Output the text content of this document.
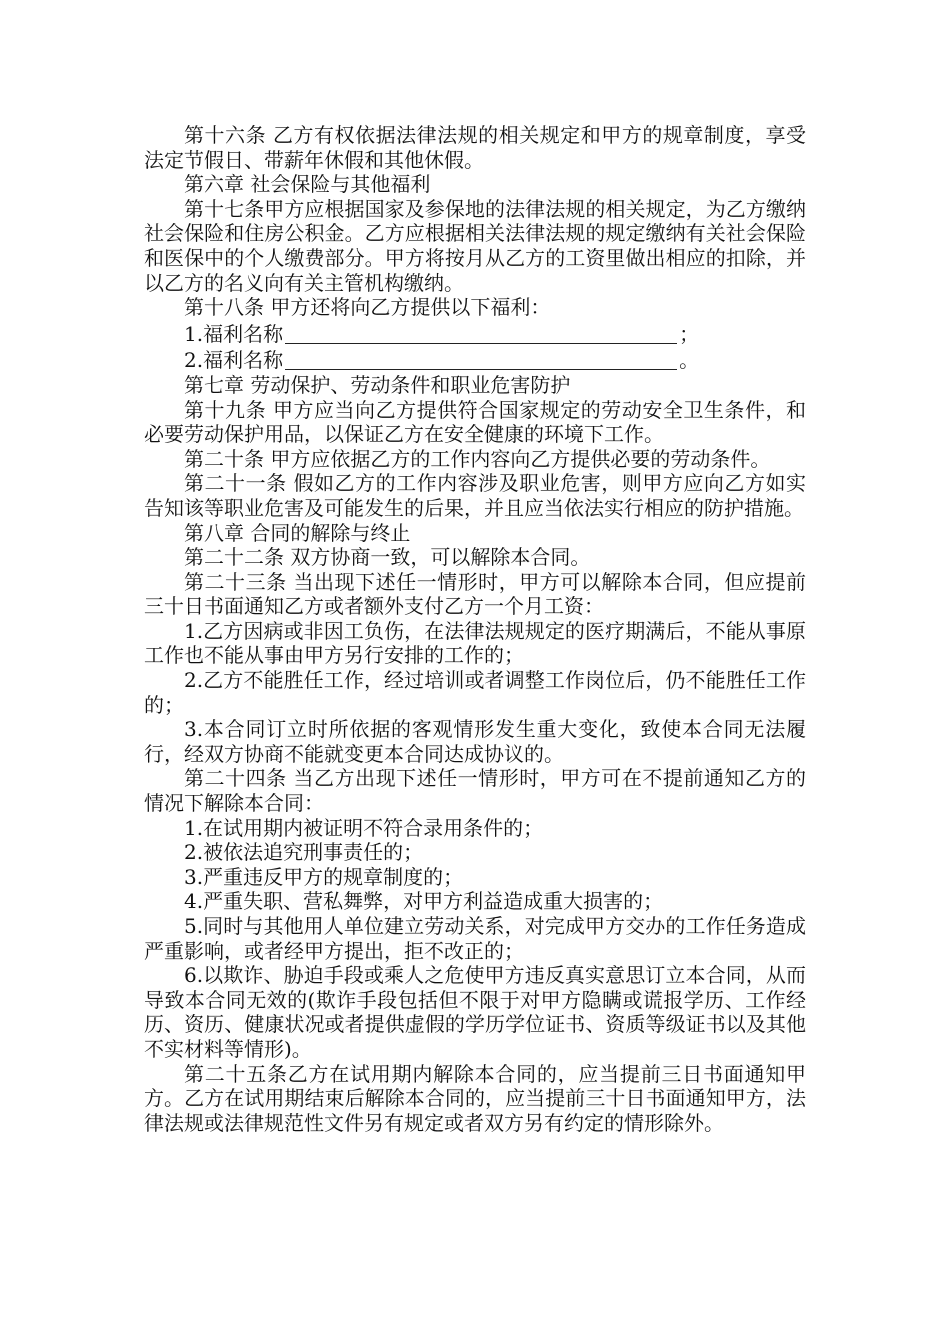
第十六条 乙方有权依据法律法规的相关规定和甲方的规章制度，享受法定节假日、带薪年休假和其他休假。

第六章 社会保险与其他福利

第十七条甲方应根据国家及参保地的法律法规的相关规定，为乙方缴纳社会保险和住房公积金。乙方应根据相关法律法规的规定缴纳有关社会保险和医保中的个人缴费部分。甲方将按月从乙方的工资里做出相应的扣除，并以乙方的名义向有关主管机构缴纳。

第十八条 甲方还将向乙方提供以下福利：

1.福利名称	；

2.福利名称	。

第七章 劳动保护、劳动条件和职业危害防护

第十九条 甲方应当向乙方提供符合国家规定的劳动安全卫生条件，和必要劳动保护用品，以保证乙方在安全健康的环境下工作。

第二十条 甲方应依据乙方的工作内容向乙方提供必要的劳动条件。

第二十一条 假如乙方的工作内容涉及职业危害，则甲方应向乙方如实告知该等职业危害及可能发生的后果，并且应当依法实行相应的防护措施。

第八章 合同的解除与终止

第二十二条 双方协商一致，可以解除本合同。

第二十三条 当出现下述任一情形时，甲方可以解除本合同，但应提前三十日书面通知乙方或者额外支付乙方一个月工资：

1.乙方因病或非因工负伤，在法律法规规定的医疗期满后，不能从事原工作也不能从事由甲方另行安排的工作的；

2.乙方不能胜任工作，经过培训或者调整工作岗位后，仍不能胜任工作的；

3.本合同订立时所依据的客观情形发生重大变化，致使本合同无法履行，经双方协商不能就变更本合同达成协议的。

第二十四条 当乙方出现下述任一情形时，甲方可在不提前通知乙方的情况下解除本合同：

1.在试用期内被证明不符合录用条件的；

2.被依法追究刑事责任的；

3.严重违反甲方的规章制度的；

4.严重失职、营私舞弊，对甲方利益造成重大损害的；

5.同时与其他用人单位建立劳动关系，对完成甲方交办的工作任务造成严重影响，或者经甲方提出，拒不改正的；

6.以欺诈、胁迫手段或乘人之危使甲方违反真实意思订立本合同，从而导致本合同无效的(欺诈手段包括但不限于对甲方隐瞒或谎报学历、工作经历、资历、健康状况或者提供虚假的学历学位证书、资质等级证书以及其他不实材料等情形)。

第二十五条乙方在试用期内解除本合同的，应当提前三日书面通知甲方。乙方在试用期结束后解除本合同的，应当提前三十日书面通知甲方，法律法规或法律规范性文件另有规定或者双方另有约定的情形除外。
